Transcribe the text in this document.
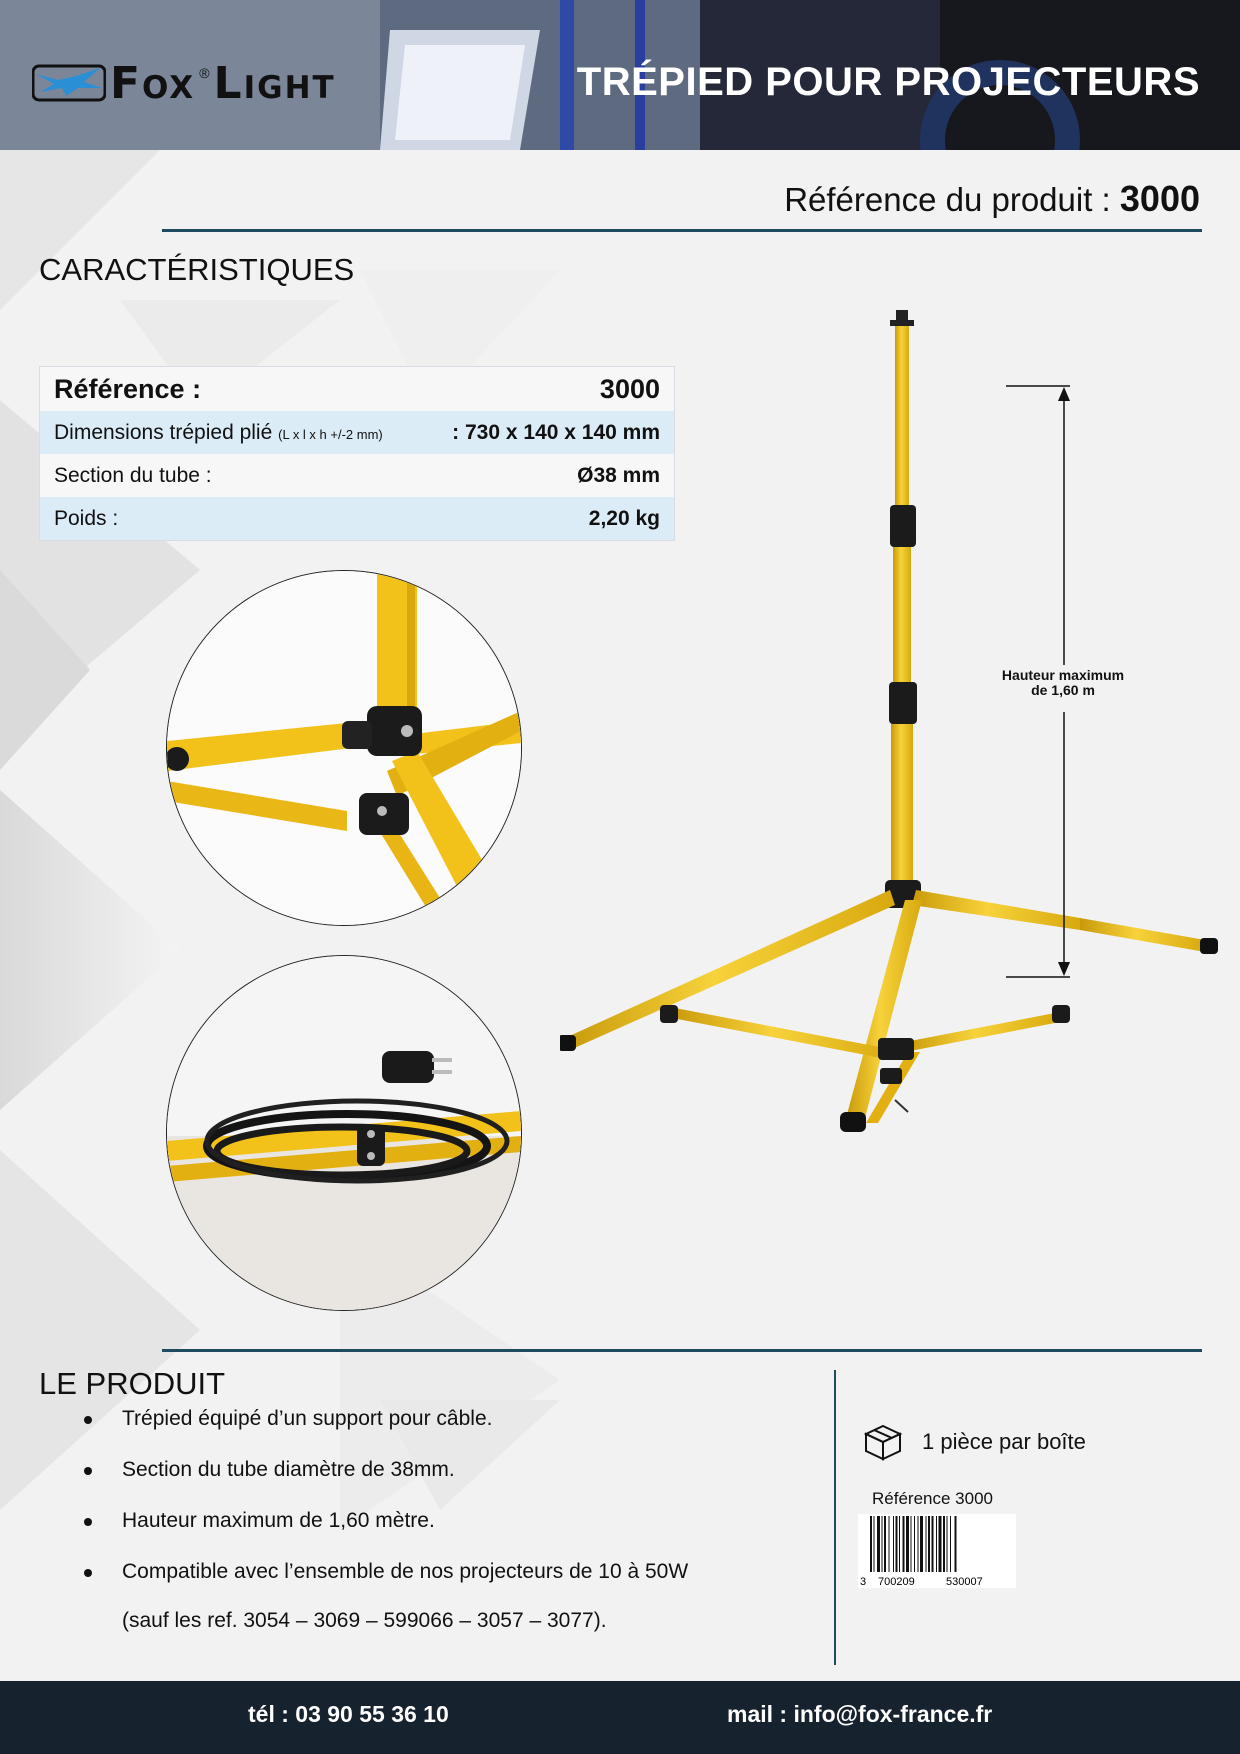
Fox ® Light	TRÉPIED POUR PROJECTEURS
Référence du produit : 3000
CARACTÉRISTIQUES
Référence :	3000
Dimensions trépied plié (L x l x h +/-2 mm)	: 730 x 140 x 140 mm
Section du tube :	Ø38 mm
Poids :	2,20 kg
Hauteur maximum
de 1,60 m
LE PRODUIT
Trépied équipé d’un support pour câble.
Section du tube diamètre de 38mm.
Hauteur maximum de 1,60 mètre.
Compatible avec l’ensemble de nos projecteurs de 10 à 50W
(sauf les ref. 3054 – 3069 – 599066 – 3057 – 3077).
1 pièce par boîte
Référence 3000
3 700209	530007
tél : 03 90 55 36 10	mail : info@fox-france.fr
